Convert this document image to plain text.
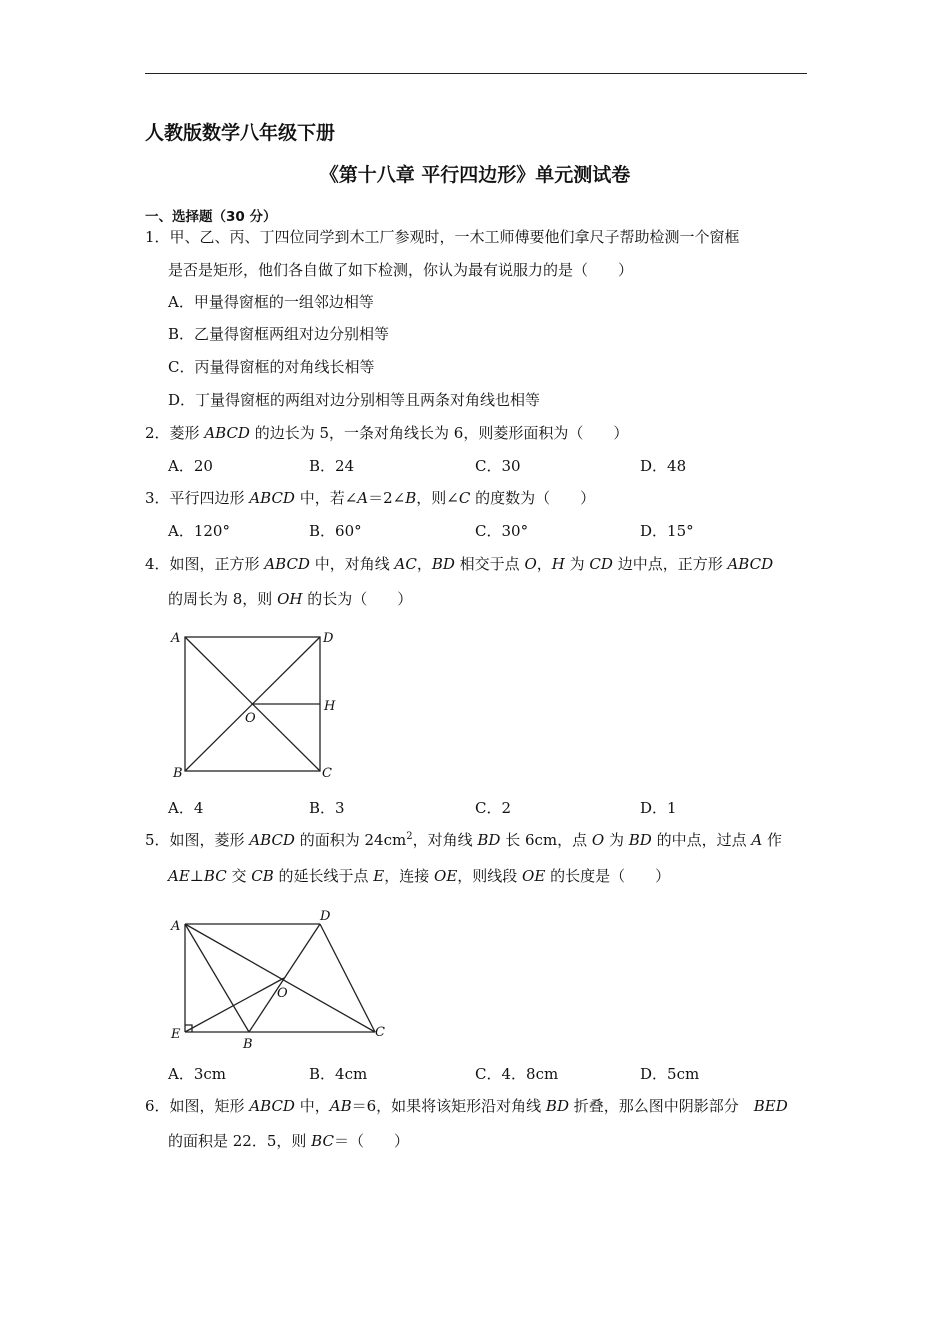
人教版数学八年级下册
《第十八章 平行四边形》单元测试卷
一、选择题（30 分）
1．甲、乙、丙、丁四位同学到木工厂参观时，一木工师傅要他们拿尺子帮助检测一个窗框
是否是矩形，他们各自做了如下检测，你认为最有说服力的是（　　）
A．甲量得窗框的一组邻边相等
B．乙量得窗框两组对边分别相等
C．丙量得窗框的对角线长相等
D．丁量得窗框的两组对边分别相等且两条对角线也相等
2．菱形 ABCD 的边长为 5，一条对角线长为 6，则菱形面积为（　　）
A．20	B．24	C．30	D．48
3．平行四边形 ABCD 中，若∠A＝2∠B，则∠C 的度数为（　　）
A．120°	B．60°	C．30°	D．15°
4．如图，正方形 ABCD 中，对角线 AC，BD 相交于点 O，H 为 CD 边中点，正方形 ABCD
的周长为 8，则 OH 的长为（　　）
A	D
H
O
B	C
A．4	B．3	C．2	D．1
5．如图，菱形 ABCD 的面积为 $24cm^2$，对角线 BD 长 6cm，点 O 为 BD 的中点，过点 A 作
AE⊥BC 交 CB 的延长线于点 E，连接 OE，则线段 OE 的长度是（　　）
A
D
O
E
B
C
A．3cm	B．4cm	C．4．8cm	D．5cm
6．如图，矩形 ABCD 中，AB＝6，如果将该矩形沿对角线 BD 折叠，那么图中阴影部分　 BED
的面积是 22．5，则 BC＝（　　）
